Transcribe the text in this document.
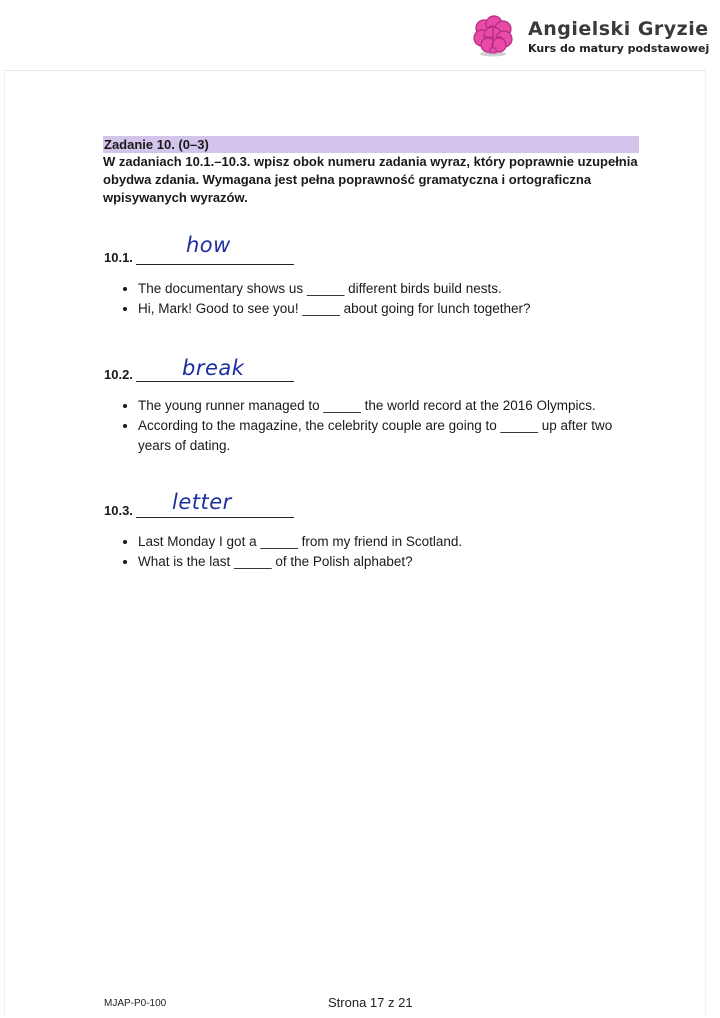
Angielski Gryzie
Kurs do matury podstawowej
Zadanie 10. (0–3)
W zadaniach 10.1.–10.3. wpisz obok numeru zadania wyraz, który poprawnie uzupełnia obydwa zdania. Wymagana jest pełna poprawność gramatyczna i ortograficzna wpisywanych wyrazów.
10.1.
how
• The documentary shows us _____ different birds build nests.
• Hi, Mark! Good to see you! _____ about going for lunch together?
10.2. break
• The young runner managed to _____ the world record at the 2016 Olympics.
• According to the magazine, the celebrity couple are going to _____ up after two years of dating.
10.3. letter
• Last Monday I got a _____ from my friend in Scotland.
• What is the last _____ of the Polish alphabet?
MJAP-P0-100	Strona 17 z 21
